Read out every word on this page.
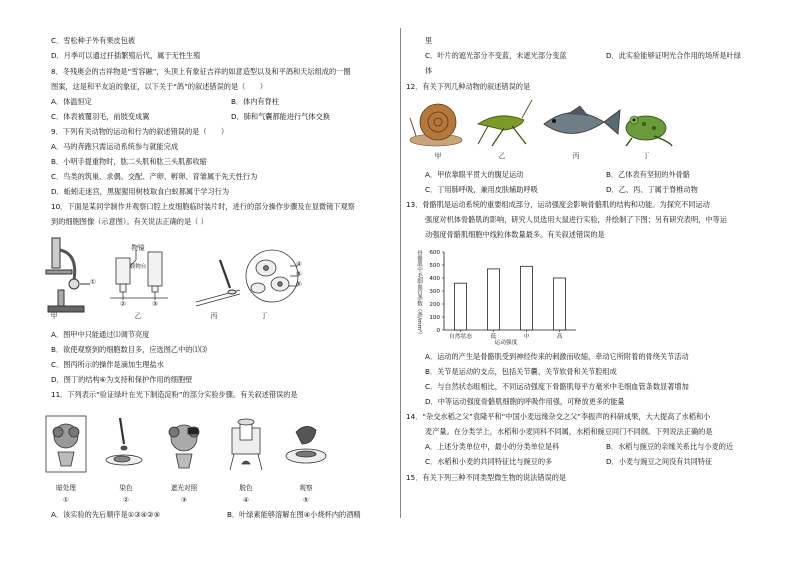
C．雪松种子外有果皮包被
D．月季可以通过扦插繁殖后代，属于无性生殖
8．冬残奥会的吉祥物是“雪容融”，头顶上有象征吉祥的如意造型以及和平鸽和天坛组成的一圈
图案，这是和平友谊的象征，以下关于“鸽”的叙述错误的是（　　）
A．体温恒定	B．体内有脊柱
C．体表被覆羽毛，前肢变成翼	D．肺和气囊都能进行气体交换
9．下列有关动物的运动和行为的叙述错误的是（　　）
A．马的奔跑只需运动系统参与就能完成
B．小明手提重物时，肱二头肌和肱三头肌都收缩
C．鸟类的筑巢、求偶、交配、产卵、孵卵、育雏属于先天性行为
D．蚯蚓走迷宫，黑猩猩用树枝取食白蚁都属于学习行为
10．下面是某同学制作并观察口腔上皮细胞临时装片时，进行的部分操作步骤及在显微镜下观察
到的细胞图像（示意图）。有关说法正确的是（ ）
甲
①
物镜
载物台
②	③
乙	丙
④
⑤
⑥
丁
A．图甲中只能通过⑴调节亮度
B．欲使观察到的细胞数目多，应选图乙中的⑴⑶
C．图丙所示的操作是滴加生理盐水
D．图丁的结构⑥为支持和保护作用的细胞壁
11．下列表示“验证绿叶在光下制造淀粉”的部分实验步骤。有关叙述错误的是
暗处理	染色	遮光对照	脱色	观察
①	②	③	④	⑤
A．该实验的先后顺序是①③④②⑤	B．叶绿素能够溶解在图④小烧杯内的酒精
里
C．叶片的遮光部分不变蓝，未遮光部分变蓝	D．此实验能够证明光合作用的场所是叶绿
体
12．有关下列几种动物的叙述错误的是
甲	乙	丙	丁
A．甲依靠眼平贯大的腹足运动	B．乙体表有坚韧的外骨骼
C．丁用肺呼吸，兼用皮肤辅助呼吸	D．乙、丙、丁属于脊椎动物
13．骨骼肌是运动系统的重要组成部分，运动强度会影响骨骼肌的结构和功能。为探究不同运动
强度对机体骨骼肌的影响，研究人员选用大鼠进行实验，并绘制了下图；另有研究表明，中等运
动强度骨骼肌细胞中线粒体数量最多。有关叙述错误的是
0
100
200
300
400
500
600
自然状态	低	中	高
骨骼肌中毛细血管条数（条/mm²）
运动强度
A．运动的产生是骨骼肌受到神经传来的刺激而收缩，牵动它所附着的骨绕关节活动
B．关节是运动的支点，包括关节囊、关节软骨和关节腔组成
C．与自然状态组相比，不同运动强度下骨骼肌每平方毫米中毛细血管条数显著增加
D．中等运动强度骨骼肌细胞的呼吸作用强，可释放更多的能量
14．“杂交水稻之父”袁隆平和“中国小麦远缘杂交之父”李振声的科研成果，大大提高了水稻和小
麦产量。在分类学上，水稻和小麦同科不同属，水稻和豌豆同门不同纲。下列说法正确的是
A．上述分类单位中，最小的分类单位是科	B．水稻与豌豆的亲缘关系比与小麦的近
C．水稻和小麦的共同特征比与豌豆的多	D．小麦与豌豆之间没有共同特征
15．有关下列三种不同类型微生物的说法错误的是
